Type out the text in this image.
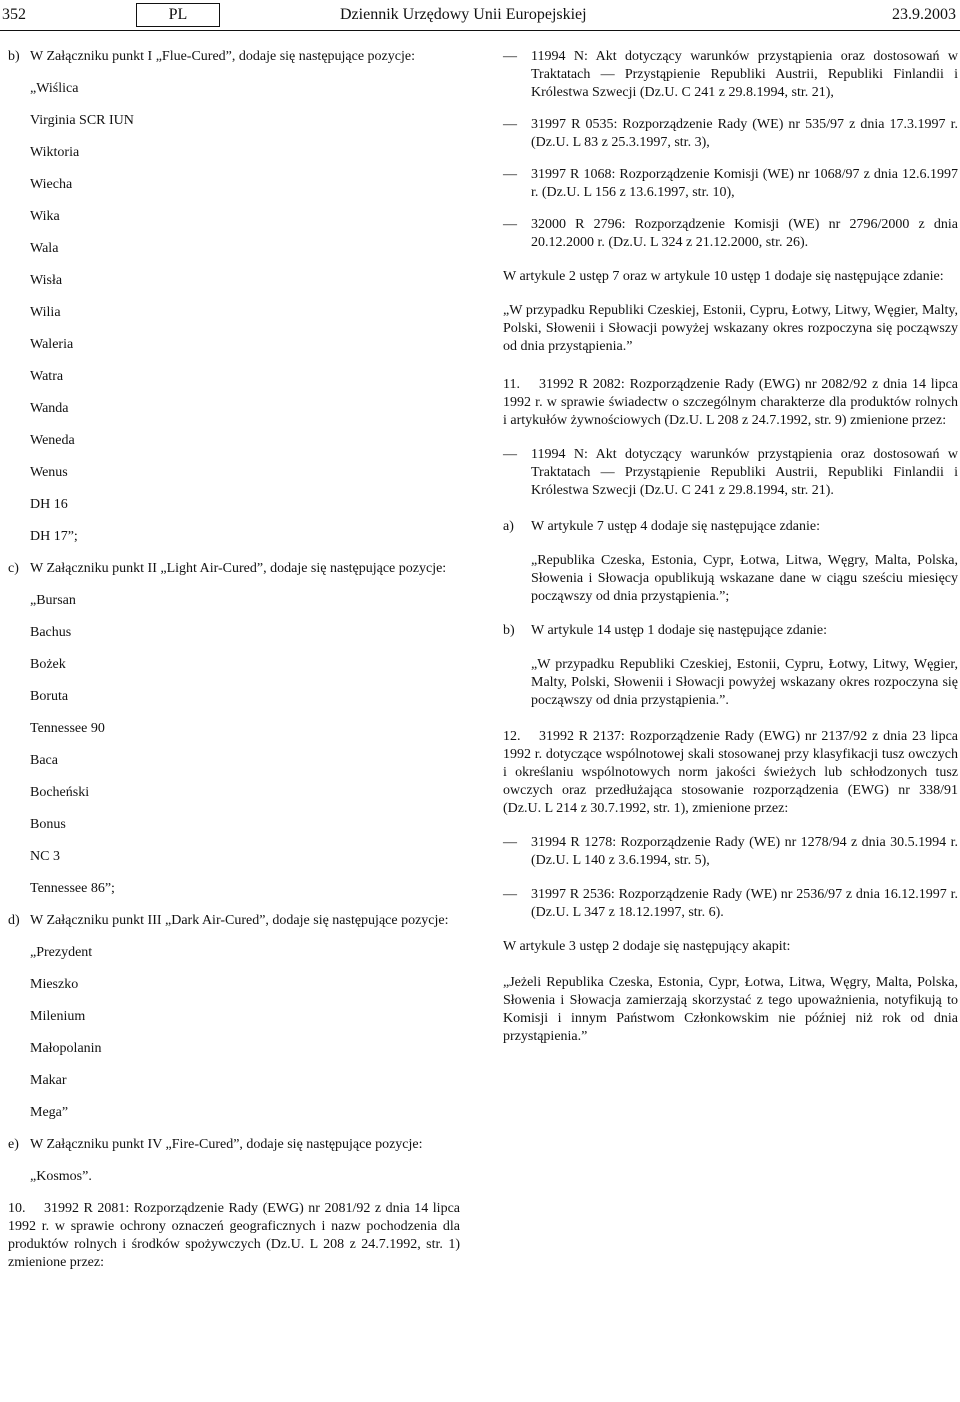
352	PL	Dziennik Urzędowy Unii Europejskiej	23.9.2003
b) W Załączniku punkt I „Flue-Cured”, dodaje się następujące pozycje:
„Wiślica
Virginia SCR IUN
Wiktoria
Wiecha
Wika
Wala
Wisła
Wilia
Waleria
Watra
Wanda
Weneda
Wenus
DH 16
DH 17”;
c) W Załączniku punkt II „Light Air-Cured”, dodaje się następujące pozycje:
„Bursan
Bachus
Bożek
Boruta
Tennessee 90
Baca
Bocheński
Bonus
NC 3
Tennessee 86”;
d) W Załączniku punkt III „Dark Air-Cured”, dodaje się następujące pozycje:
„Prezydent
Mieszko
Milenium
Małopolanin
Makar
Mega”
e) W Załączniku punkt IV „Fire-Cured”, dodaje się następujące pozycje:
„Kosmos”.
10. 31992 R 2081: Rozporządzenie Rady (EWG) nr 2081/92 z dnia 14 lipca 1992 r. w sprawie ochrony oznaczeń geograficznych i nazw pochodzenia dla produktów rolnych i środków spożywczych (Dz.U. L 208 z 24.7.1992, str. 1) zmienione przez:
— 11994 N: Akt dotyczący warunków przystąpienia oraz dostosowań w Traktatach — Przystąpienie Republiki Austrii, Republiki Finlandii i Królestwa Szwecji (Dz.U. C 241 z 29.8.1994, str. 21),
— 31997 R 0535: Rozporządzenie Rady (WE) nr 535/97 z dnia 17.3.1997 r. (Dz.U. L 83 z 25.3.1997, str. 3),
— 31997 R 1068: Rozporządzenie Komisji (WE) nr 1068/97 z dnia 12.6.1997 r. (Dz.U. L 156 z 13.6.1997, str. 10),
— 32000 R 2796: Rozporządzenie Komisji (WE) nr 2796/2000 z dnia 20.12.2000 r. (Dz.U. L 324 z 21.12.2000, str. 26).

W artykule 2 ustęp 7 oraz w artykule 10 ustęp 1 dodaje się następujące zdanie:

„W przypadku Republiki Czeskiej, Estonii, Cypru, Łotwy, Litwy, Węgier, Malty, Polski, Słowenii i Słowacji powyżej wskazany okres rozpoczyna się począwszy od dnia przystąpienia.”

11. 31992 R 2082: Rozporządzenie Rady (EWG) nr 2082/92 z dnia 14 lipca 1992 r. w sprawie świadectw o szczególnym charakterze dla produktów rolnych i artykułów żywnościowych (Dz.U. L 208 z 24.7.1992, str. 9) zmienione przez:
— 11994 N: Akt dotyczący warunków przystąpienia oraz dostosowań w Traktatach — Przystąpienie Republiki Austrii, Republiki Finlandii i Królestwa Szwecji (Dz.U. C 241 z 29.8.1994, str. 21).
a) W artykule 7 ustęp 4 dodaje się następujące zdanie:

„Republika Czeska, Estonia, Cypr, Łotwa, Litwa, Węgry, Malta, Polska, Słowenia i Słowacja opublikują wskazane dane w ciągu sześciu miesięcy począwszy od dnia przystąpienia.”;

b) W artykule 14 ustęp 1 dodaje się następujące zdanie:

„W przypadku Republiki Czeskiej, Estonii, Cypru, Łotwy, Litwy, Węgier, Malty, Polski, Słowenii i Słowacji powyżej wskazany okres rozpoczyna się począwszy od dnia przystąpienia.”.

12. 31992 R 2137: Rozporządzenie Rady (EWG) nr 2137/92 z dnia 23 lipca 1992 r. dotyczące wspólnotowej skali stosowanej przy klasyfikacji tusz owczych i określaniu wspólnotowych norm jakości świeżych lub schłodzonych tusz owczych oraz przedłużająca stosowanie rozporządzenia (EWG) nr 338/91 (Dz.U. L 214 z 30.7.1992, str. 1), zmienione przez:
— 31994 R 1278: Rozporządzenie Rady (WE) nr 1278/94 z dnia 30.5.1994 r. (Dz.U. L 140 z 3.6.1994, str. 5),
— 31997 R 2536: Rozporządzenie Rady (WE) nr 2536/97 z dnia 16.12.1997 r. (Dz.U. L 347 z 18.12.1997, str. 6).

W artykule 3 ustęp 2 dodaje się następujący akapit:

„Jeżeli Republika Czeska, Estonia, Cypr, Łotwa, Litwa, Węgry, Malta, Polska, Słowenia i Słowacja zamierzają skorzystać z tego upoważnienia, notyfikują to Komisji i innym Państwom Członkowskim nie później niż rok od dnia przystąpienia.”
